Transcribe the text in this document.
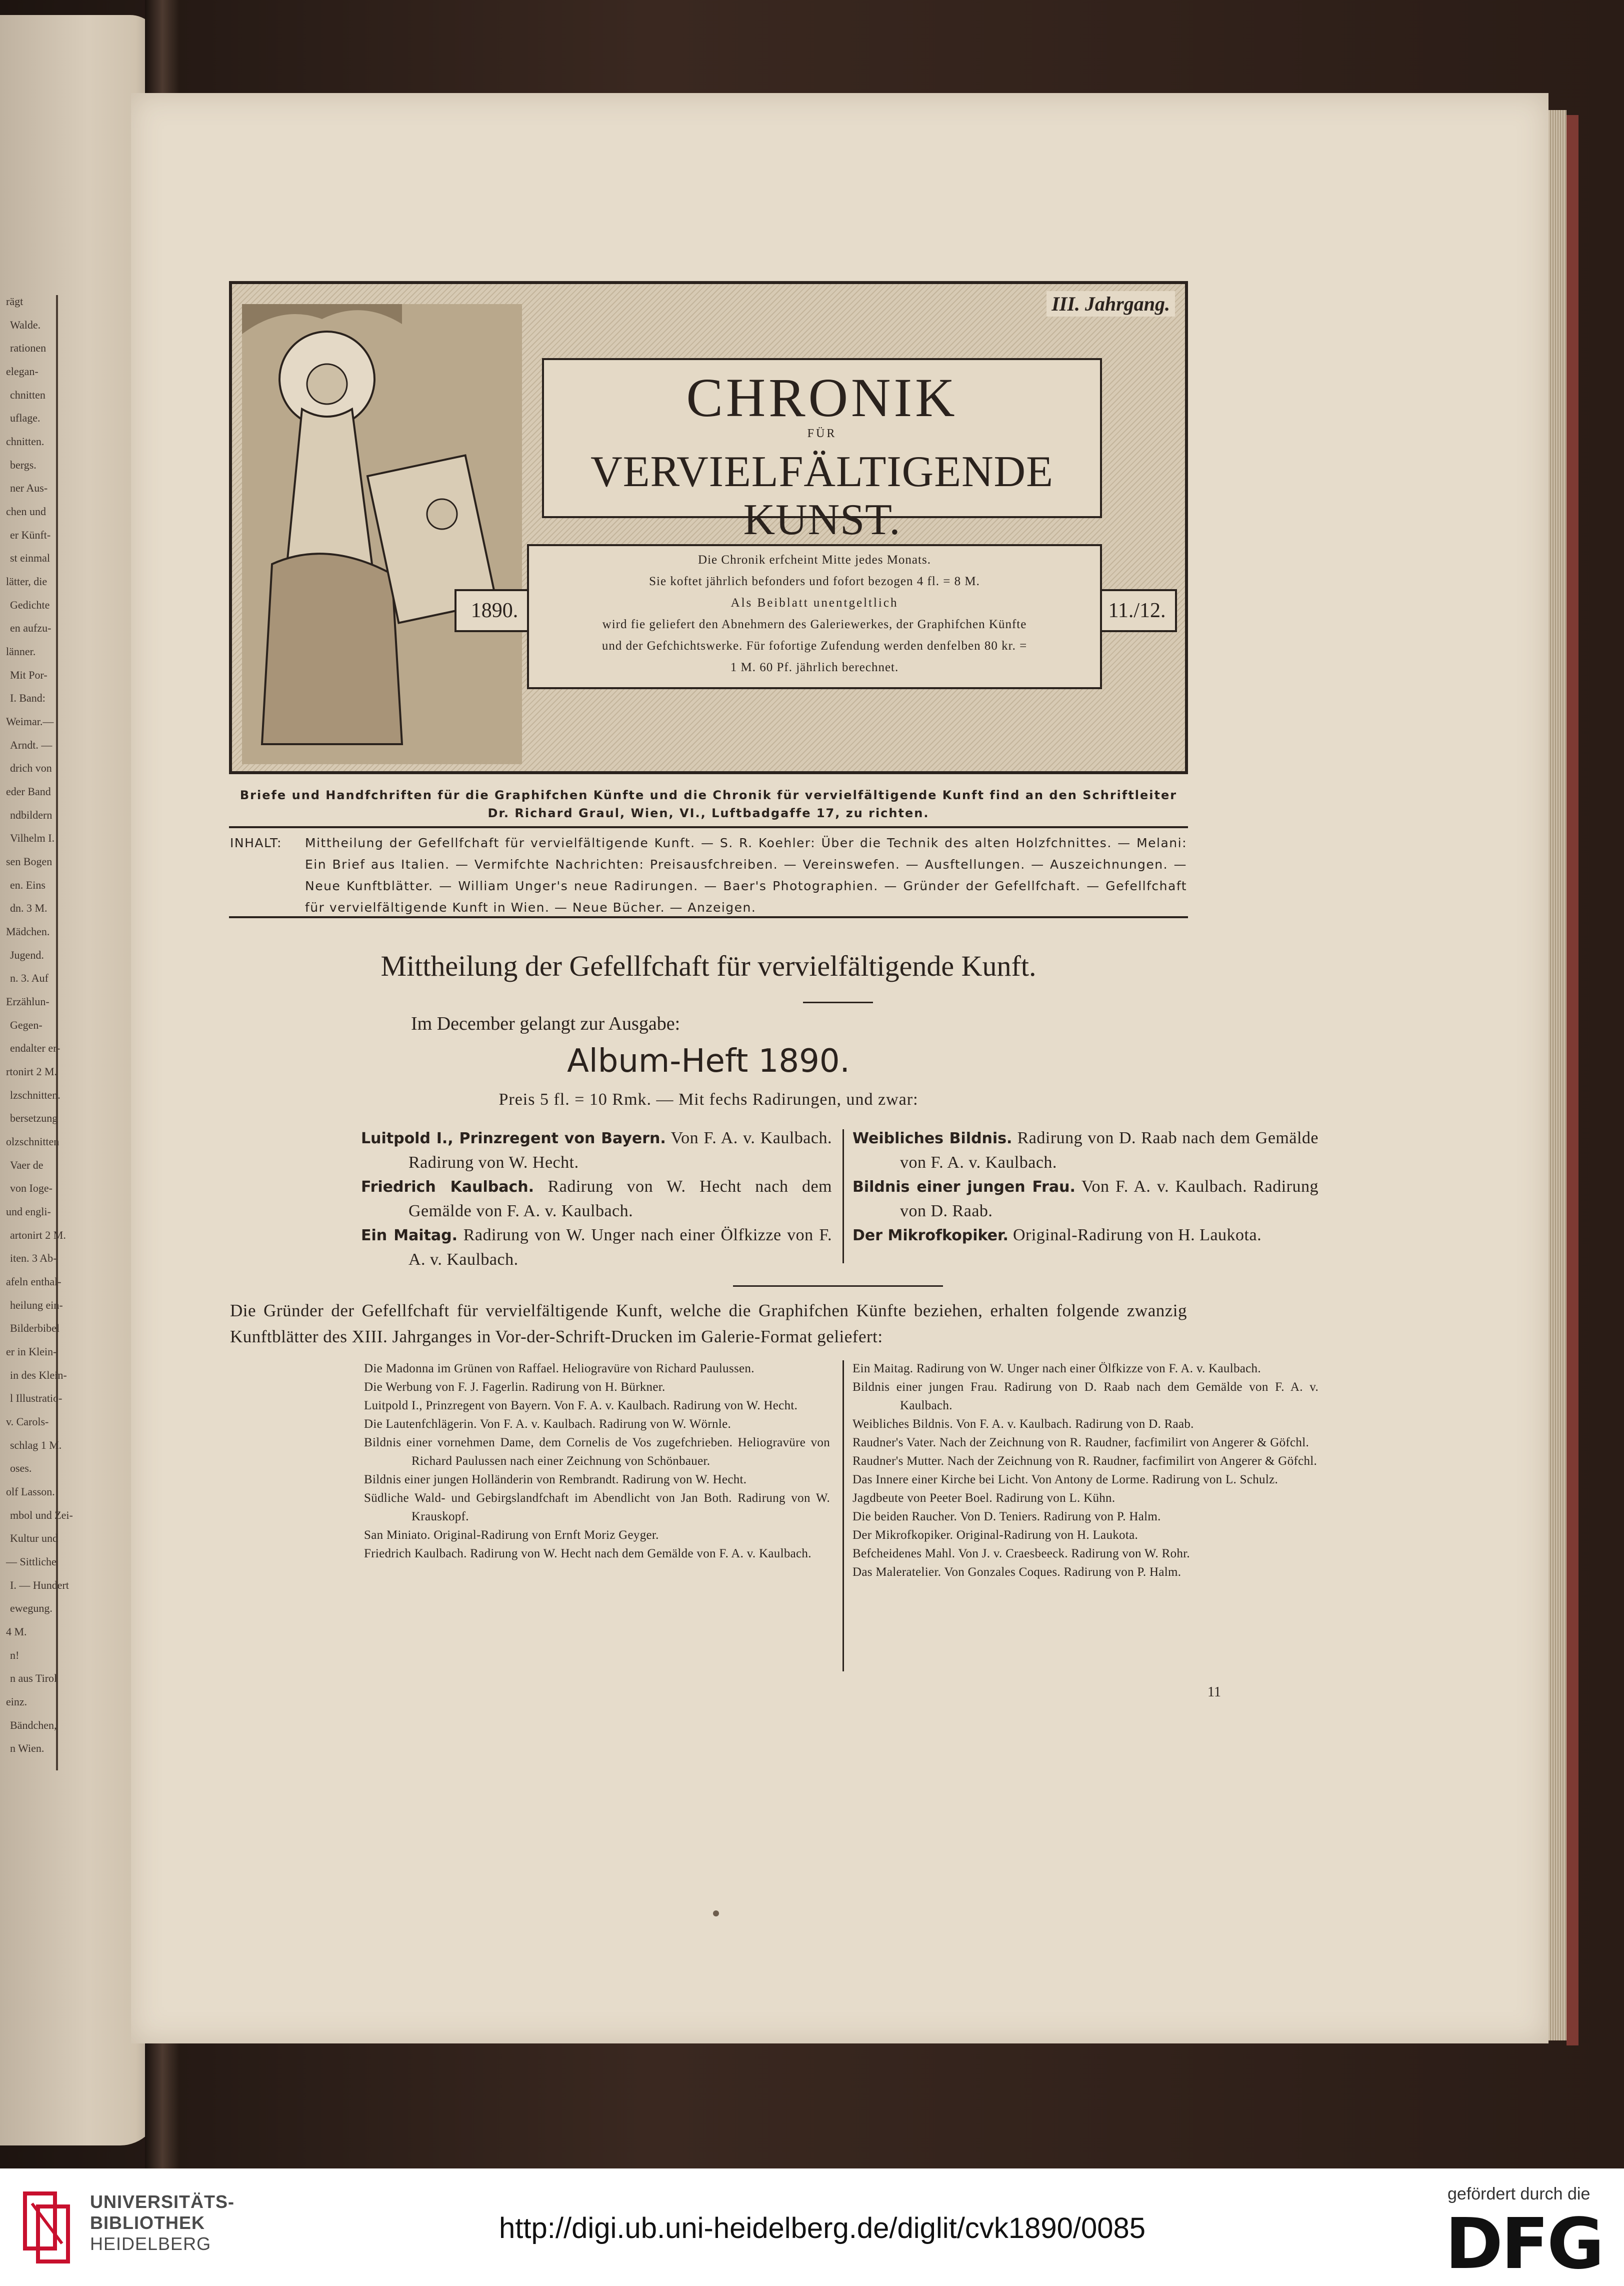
rägt
Walde.
rationen
elegan-
chnitten
uflage.
chnitten.
bergs.
ner Aus-
chen und
er Künft-
st einmal
lätter, die
Gedichte
en aufzu-
länner.
Mit Por-
I. Band:
Weimar.—
Arndt. —
drich von
eder Band
ndbildern
Vilhelm I.
sen Bogen
en. Eins
dn. 3 M.
Mädchen.
Jugend.
n. 3. Auf
Erzählun-
Gegen-
endalter er-
rtonirt 2 M.
lzschnitten.
bersetzung
olzschnitten
Vaer de
von Ioge-
und engli-
artonirt 2 M.
iten. 3 Ab-
afeln enthal-
heilung ein-
Bilderbibel
er in Klein-
in des Klein-
l Illustratio-
v. Carols-
schlag 1 M.
oses.
olf Lasson.
mbol und Zei-
Kultur und
— Sittliche
I. — Hundert
ewegung.
4 M.
n!
n aus Tirol
einz.
Bändchen,
n Wien.
CHRONIK
FÜR
VERVIELFÄLTIGENDE KUNST.
III. Jahrgang.
1890.	11./12.
Die Chronik erfcheint Mitte jedes Monats.
Sie koftet jährlich befonders und fofort bezogen 4 fl. = 8 M.
Als Beiblatt unentgeltlich
wird fie geliefert den Abnehmern des Galeriewerkes, der Graphifchen Künfte
und der Gefchichtswerke. Für fofortige Zufendung werden denfelben 80 kr. =
1 M. 60 Pf. jährlich berechnet.
Briefe und Handfchriften für die Graphifchen Künfte und die Chronik für vervielfältigende Kunft find an den Schriftleiter
Dr. Richard Graul, Wien, VI., Luftbadgaffe 17, zu richten.
INHALT:	Mittheilung der Gefellfchaft für vervielfältigende Kunft. — S. R. Koehler: Über die Technik des alten Holzfchnittes. — Melani: Ein Brief aus Italien. — Vermifchte Nachrichten: Preisausfchreiben. — Vereinswefen. — Ausftellungen. — Auszeichnungen. — Neue Kunftblätter. — William Unger's neue Radirungen. — Baer's Photographien. — Gründer der Gefellfchaft. — Gefellfchaft für vervielfältigende Kunft in Wien. — Neue Bücher. — Anzeigen.
Mittheilung der Gefellfchaft für vervielfältigende Kunft.
Im December gelangt zur Ausgabe:
Album-Heft 1890.
Preis 5 fl. = 10 Rmk. — Mit fechs Radirungen, und zwar:

Luitpold I., Prinzregent von Bayern. Von F. A. v. Kaulbach. Radirung von W. Hecht.

Friedrich Kaulbach. Radirung von W. Hecht nach dem Gemälde von F. A. v. Kaulbach.

Ein Maitag. Radirung von W. Unger nach einer Ölfkizze von F. A. v. Kaulbach.

Weibliches Bildnis. Radirung von D. Raab nach dem Gemälde von F. A. v. Kaulbach.

Bildnis einer jungen Frau. Von F. A. v. Kaulbach. Radirung von D. Raab.

Der Mikrofkopiker. Original-Radirung von H. Laukota.

Die Gründer der Gefellfchaft für vervielfältigende Kunft, welche die Graphifchen Künfte beziehen, erhalten folgende zwanzig Kunftblätter des XIII. Jahrganges in Vor-der-Schrift-Drucken im Galerie-Format geliefert:

Die Madonna im Grünen von Raffael. Heliogravüre von Richard Paulussen.

Die Werbung von F. J. Fagerlin. Radirung von H. Bürkner.

Luitpold I., Prinzregent von Bayern. Von F. A. v. Kaulbach. Radirung von W. Hecht.

Die Lautenfchlägerin. Von F. A. v. Kaulbach. Radirung von W. Wörnle.

Bildnis einer vornehmen Dame, dem Cornelis de Vos zugefchrieben. Heliogravüre von Richard Paulussen nach einer Zeichnung von Schönbauer.

Bildnis einer jungen Holländerin von Rembrandt. Radirung von W. Hecht.

Südliche Wald- und Gebirgslandfchaft im Abendlicht von Jan Both. Radirung von W. Krauskopf.

San Miniato. Original-Radirung von Ernft Moriz Geyger.

Friedrich Kaulbach. Radirung von W. Hecht nach dem Gemälde von F. A. v. Kaulbach.

Ein Maitag. Radirung von W. Unger nach einer Ölfkizze von F. A. v. Kaulbach.

Bildnis einer jungen Frau. Radirung von D. Raab nach dem Gemälde von F. A. v. Kaulbach.

Weibliches Bildnis. Von F. A. v. Kaulbach. Radirung von D. Raab.

Raudner's Vater. Nach der Zeichnung von R. Raudner, facfimilirt von Angerer & Göfchl.

Raudner's Mutter. Nach der Zeichnung von R. Raudner, facfimilirt von Angerer & Göfchl.

Das Innere einer Kirche bei Licht. Von Antony de Lorme. Radirung von L. Schulz.

Jagdbeute von Peeter Boel. Radirung von L. Kühn.

Die beiden Raucher. Von D. Teniers. Radirung von P. Halm.

Der Mikrofkopiker. Original-Radirung von H. Laukota.

Befcheidenes Mahl. Von J. v. Craesbeeck. Radirung von W. Rohr.

Das Maleratelier. Von Gonzales Coques. Radirung von P. Halm.

11
UNIVERSITÄTS-
BIBLIOTHEK
HEIDELBERG	http://digi.ub.uni-heidelberg.de/diglit/cvk1890/0085
gefördert durch die
DFG
